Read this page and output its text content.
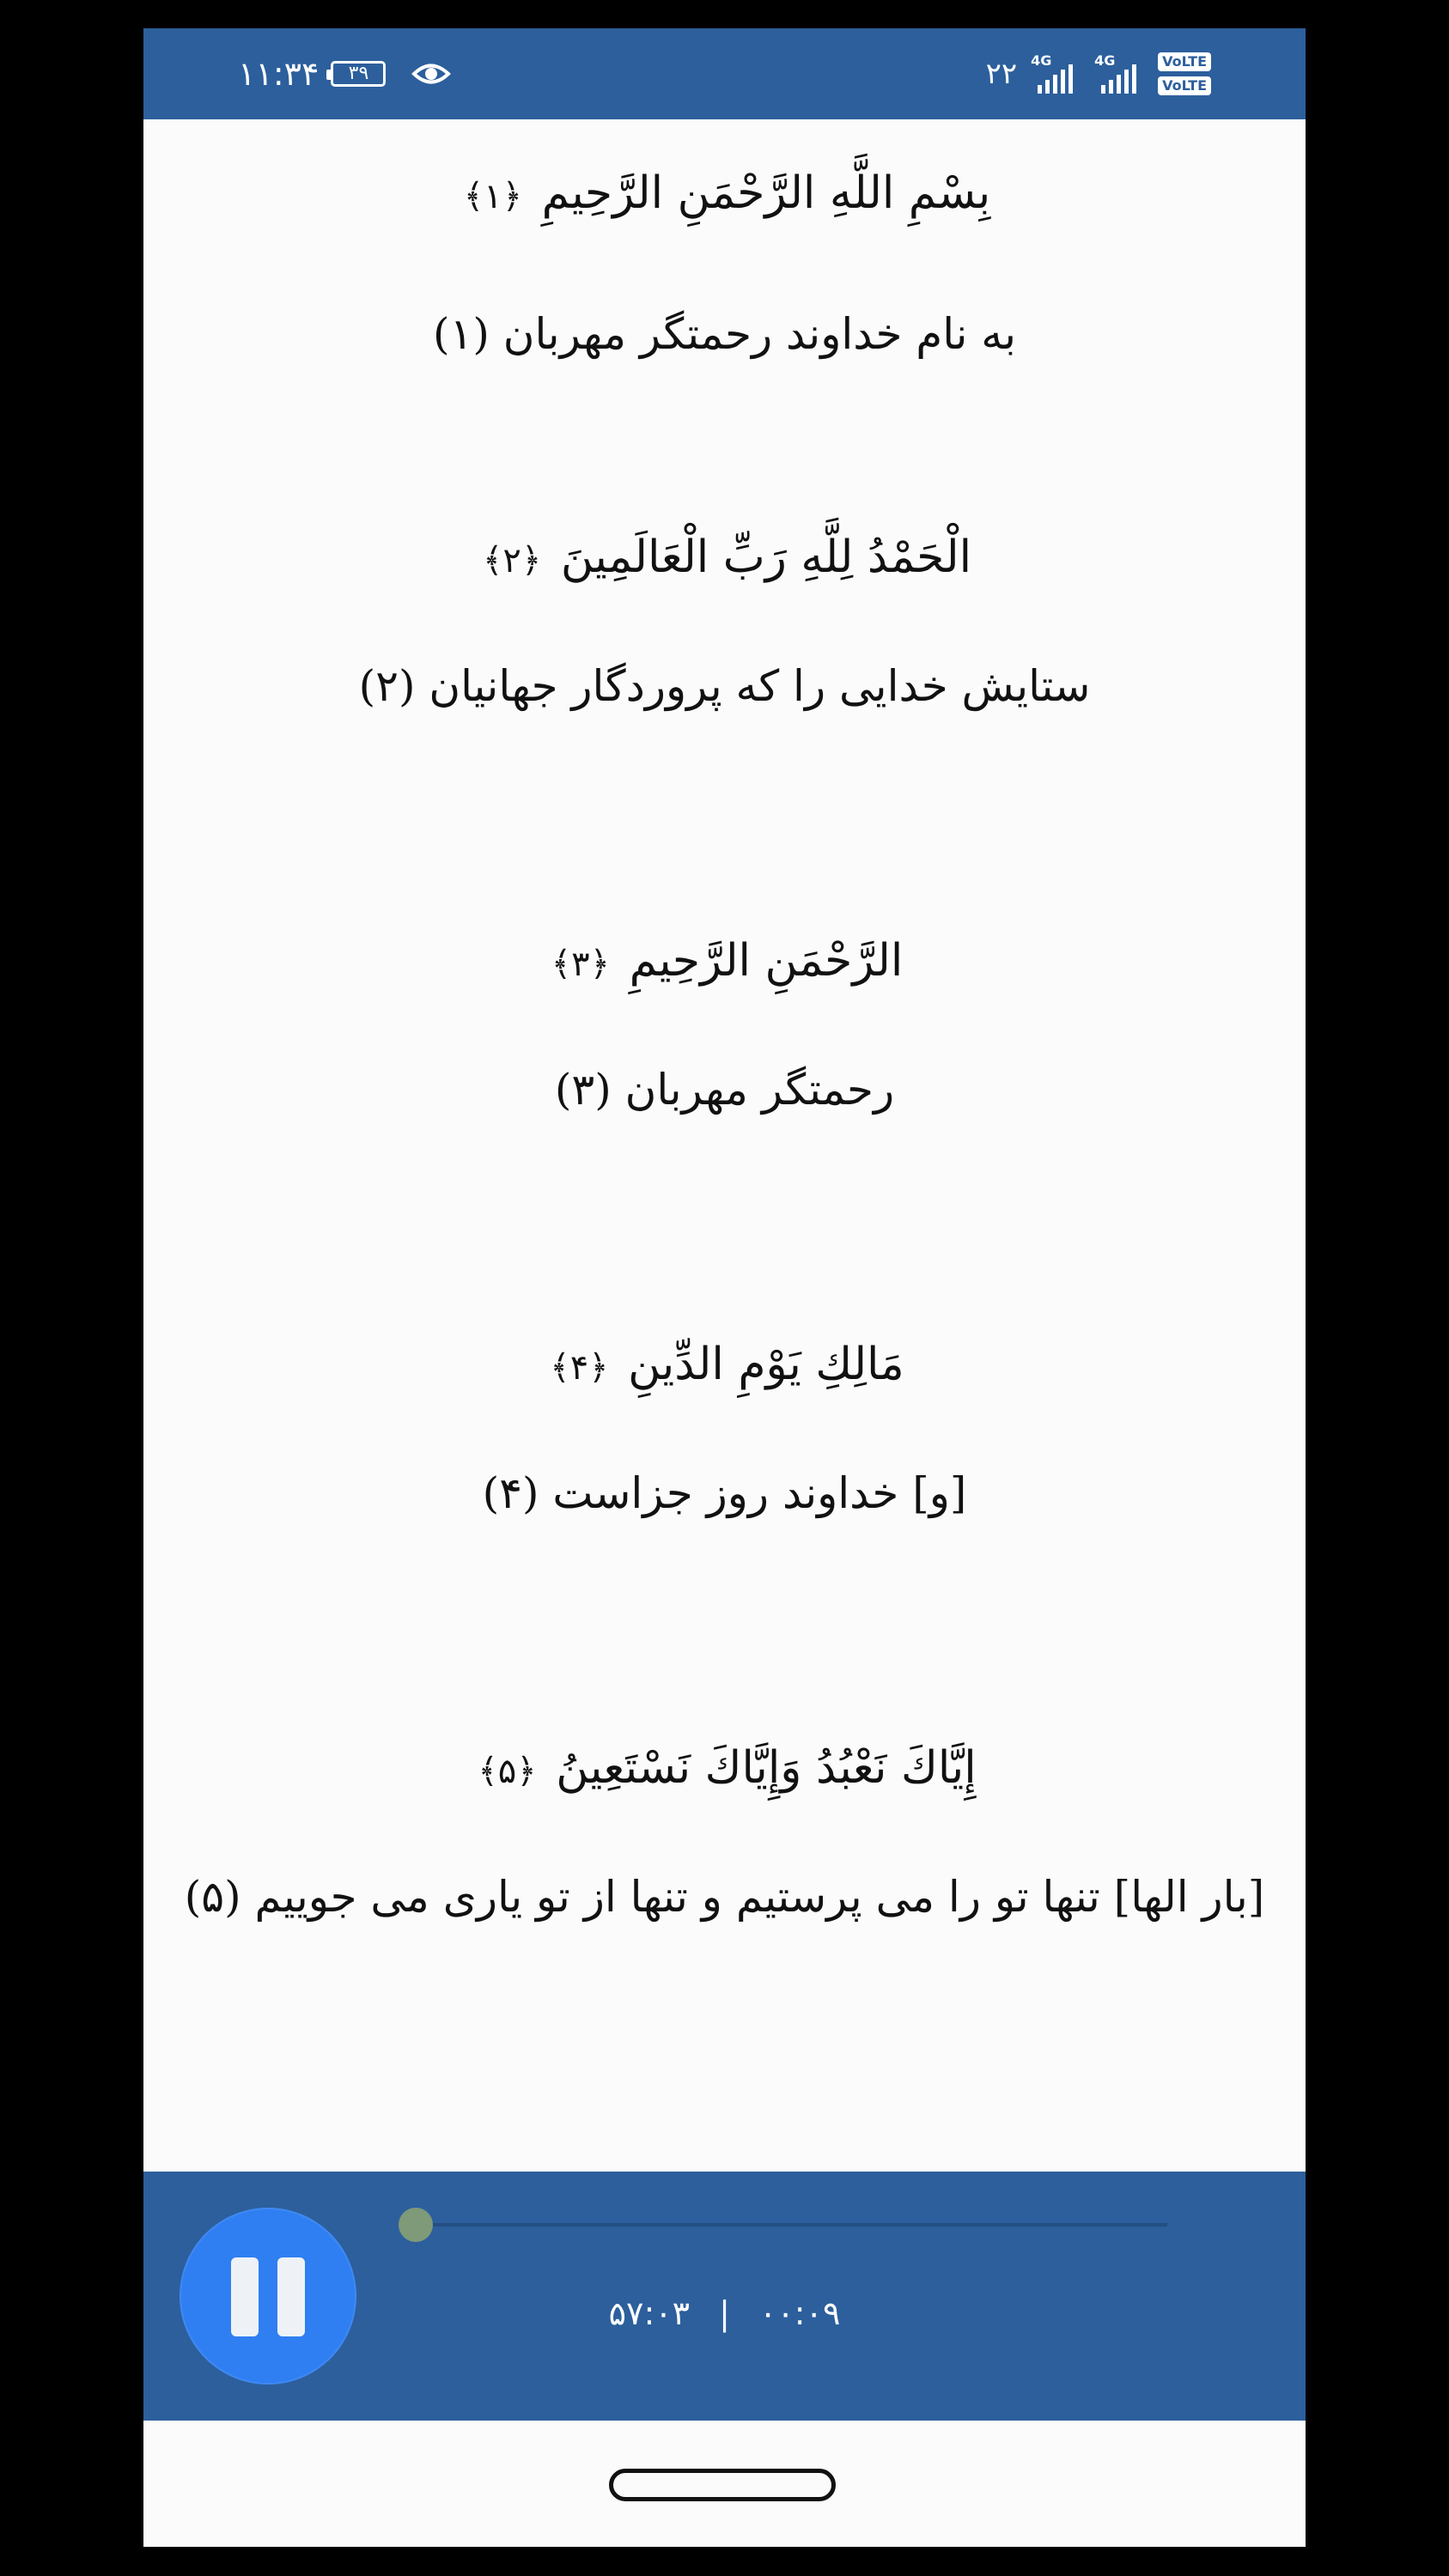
۱۱:۳۴ ۳۹	۲۲ 4G	4G	VoLTE
VoLTE
بِسْمِ اللَّهِ الرَّحْمَنِ الرَّحِيمِ ﴿۱﴾
به نام خداوند رحمتگر مهربان (۱)
الْحَمْدُ لِلَّهِ رَبِّ الْعَالَمِينَ ﴿۲﴾
ستايش خدايی را كه پروردگار جهانيان (۲)
الرَّحْمَنِ الرَّحِيمِ ﴿۳﴾
رحمتگر مهربان (۳)
مَالِكِ يَوْمِ الدِّينِ ﴿۴﴾
[و] خداوند روز جزاست (۴)
إِيَّاكَ نَعْبُدُ وَإِيَّاكَ نَسْتَعِينُ ﴿۵﴾
[بار الها] تنها تو را می پرستيم و تنها از تو ياری می جوييم (۵)
۵۷:۰۳ | ۰۰:۰۹
